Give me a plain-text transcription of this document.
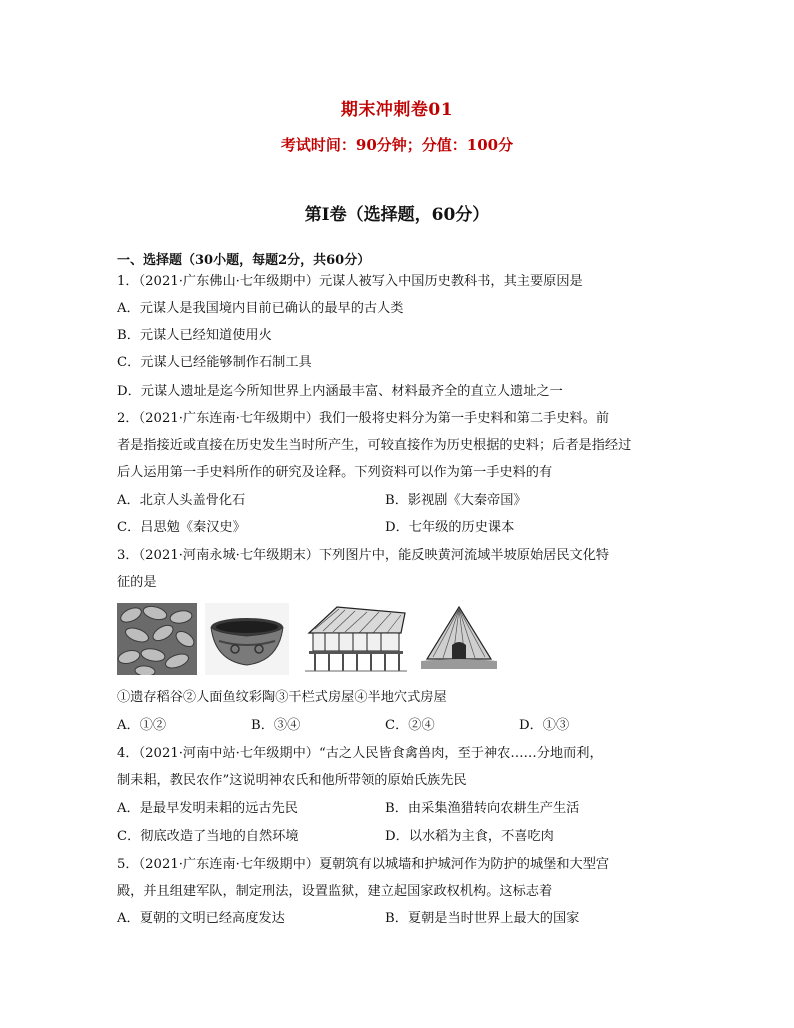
期末冲刺卷01
考试时间：90分钟；分值：100分
第I卷（选择题，60分）
一、选择题（30小题，每题2分，共60分）
1．（2021·广东佛山·七年级期中）元谋人被写入中国历史教科书，其主要原因是
A．元谋人是我国境内目前已确认的最早的古人类
B．元谋人已经知道使用火
C．元谋人已经能够制作石制工具
D．元谋人遗址是迄今所知世界上内涵最丰富、材料最齐全的直立人遗址之一
2．（2021·广东连南·七年级期中）我们一般将史料分为第一手史料和第二手史料。前
者是指接近或直接在历史发生当时所产生，可较直接作为历史根据的史料；后者是指经过
后人运用第一手史料所作的研究及诠释。下列资料可以作为第一手史料的有
A．北京人头盖骨化石	B．影视剧《大秦帝国》
C．吕思勉《秦汉史》	D．七年级的历史课本
3．（2021·河南永城·七年级期末）下列图片中，能反映黄河流域半坡原始居民文化特
征的是
①遗存稻谷②人面鱼纹彩陶③干栏式房屋④半地穴式房屋
A．①②	B．③④	C．②④	D．①③
4．（2021·河南中站·七年级期中）“古之人民皆食禽兽肉，至于神农……分地而利，
制耒耜，教民农作”这说明神农氏和他所带领的原始氏族先民
A．是最早发明耒耜的远古先民	B．由采集渔猎转向农耕生产生活
C．彻底改造了当地的自然环境	D．以水稻为主食，不喜吃肉
5．（2021·广东连南·七年级期中）夏朝筑有以城墙和护城河作为防护的城堡和大型宫
殿，并且组建军队，制定刑法，设置监狱，建立起国家政权机构。这标志着
A．夏朝的文明已经高度发达	B．夏朝是当时世界上最大的国家
